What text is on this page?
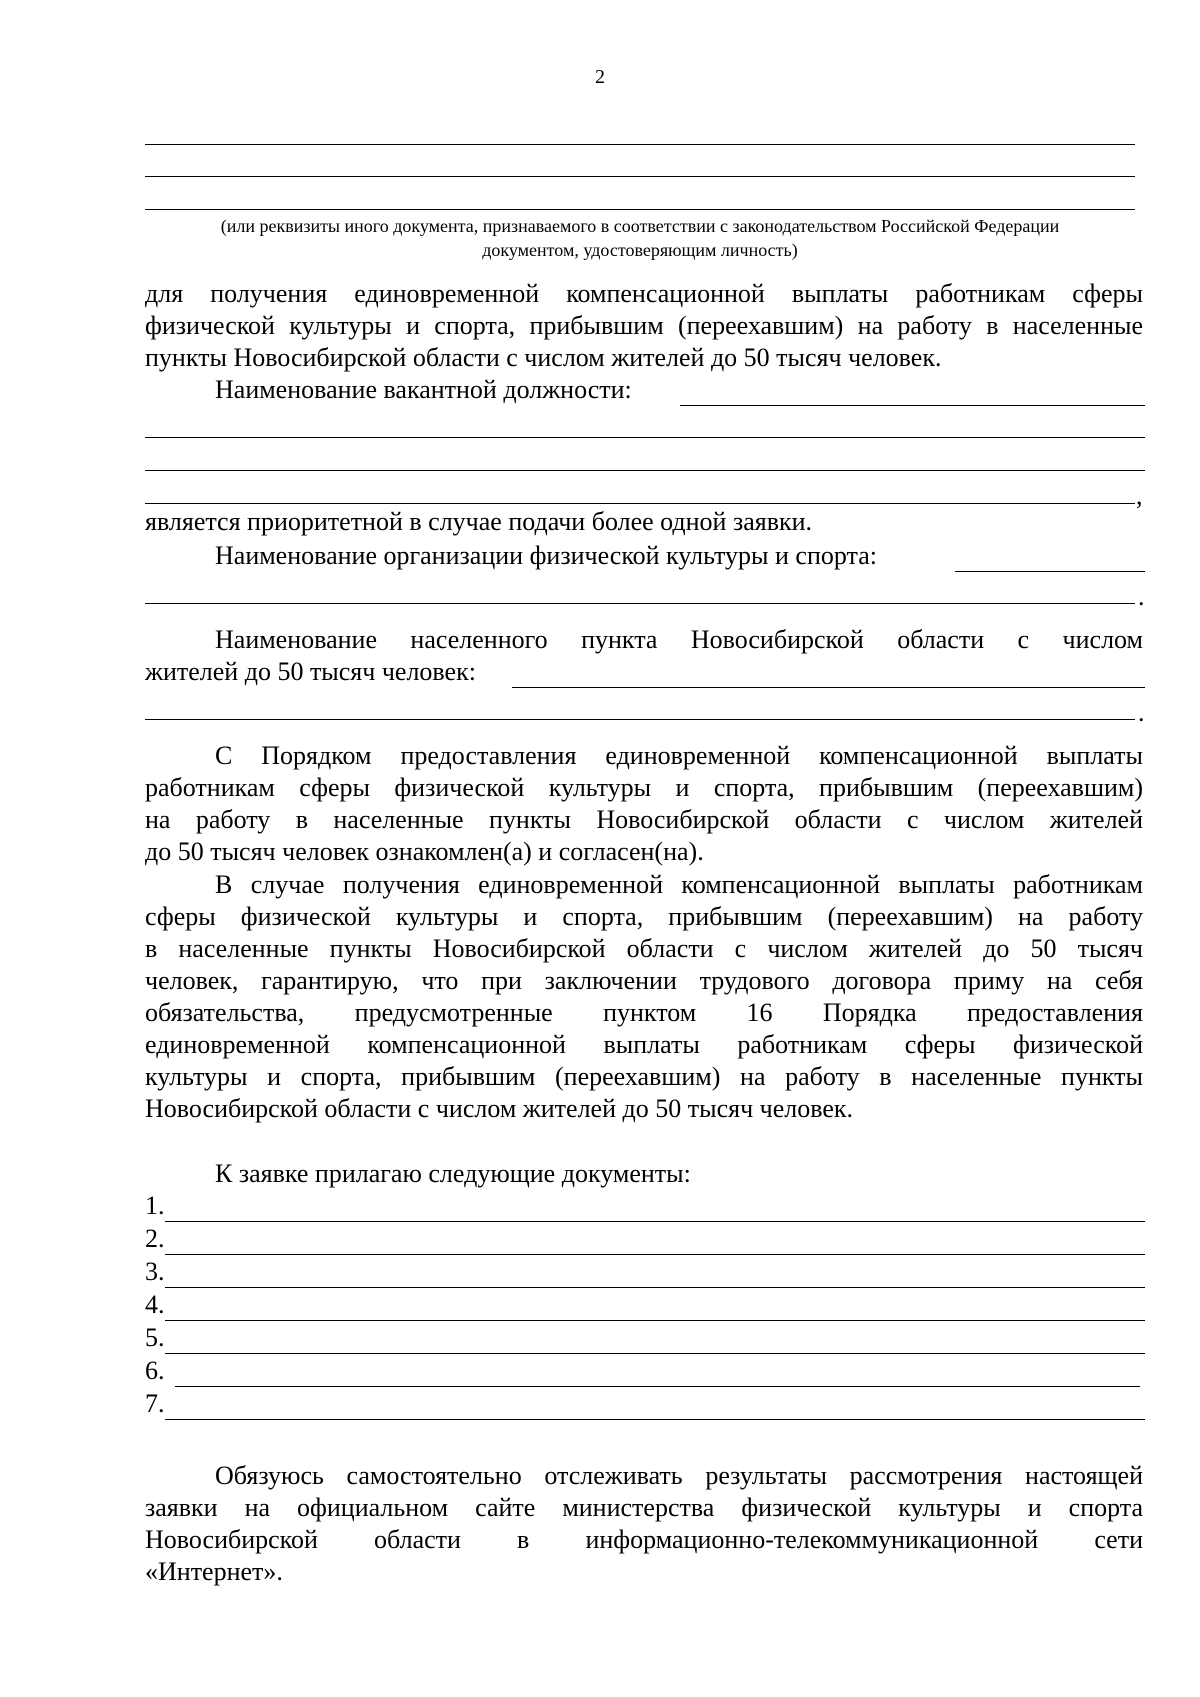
2
(или реквизиты иного документа, признаваемого в соответствии с законодательством Российской Федерации
документом, удостоверяющим личность)
для получения единовременной компенсационной выплаты работникам сферы
физической культуры и спорта, прибывшим (переехавшим) на работу в населенные
пункты Новосибирской области с числом жителей до 50 тысяч человек.
Наименование вакантной должности:
,
является приоритетной в случае подачи более одной заявки.
Наименование организации физической культуры и спорта:
.
Наименование населенного пункта Новосибирской области с числом
жителей до 50 тысяч человек:
.
С Порядком предоставления единовременной компенсационной выплаты
работникам сферы физической культуры и спорта, прибывшим (переехавшим)
на работу в населенные пункты Новосибирской области с числом жителей
до 50 тысяч человек ознакомлен(а) и согласен(на).
В случае получения единовременной компенсационной выплаты работникам
сферы физической культуры и спорта, прибывшим (переехавшим) на работу
в населенные пункты Новосибирской области с числом жителей до 50 тысяч
человек, гарантирую, что при заключении трудового договора приму на себя
обязательства, предусмотренные пунктом 16 Порядка предоставления
единовременной компенсационной выплаты работникам сферы физической
культуры и спорта, прибывшим (переехавшим) на работу в населенные пункты
Новосибирской области с числом жителей до 50 тысяч человек.
К заявке прилагаю следующие документы:
1.
2.
3.
4.
5.
6.
7.
Обязуюсь самостоятельно отслеживать результаты рассмотрения настоящей
заявки на официальном сайте министерства физической культуры и спорта
Новосибирской области в информационно-телекоммуникационной сети
«Интернет».
